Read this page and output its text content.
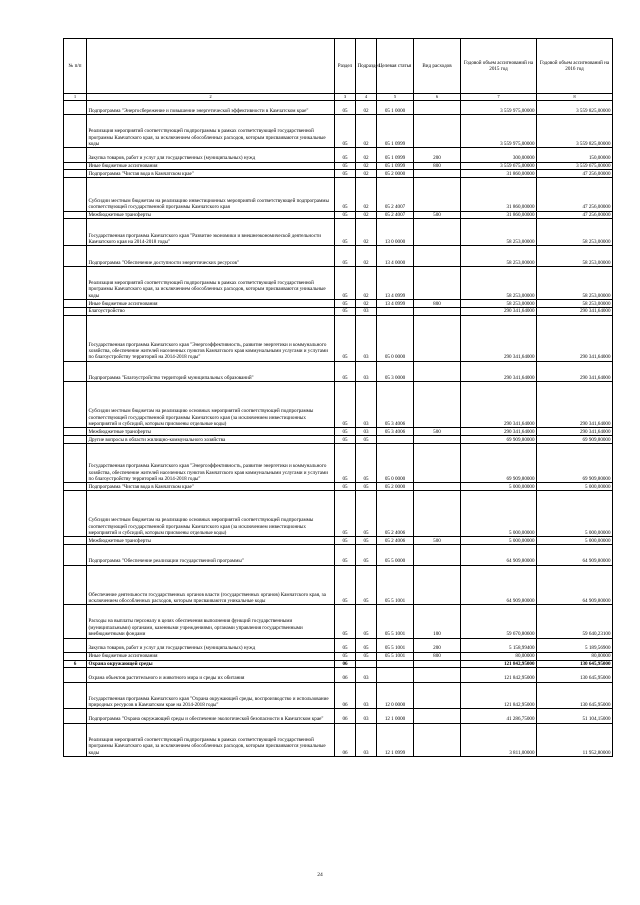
№ п/п		Раздел	Подраздел	Целевая статья	Вид расходов	Годовой объем ассигнований на 2015 год	Годовой объем ассигнований на 2016 год
1	2	3	4	5	6	7	8
	Подпрограмма "Энергосбережение и повышение энергетической эффективности в Камчатском крае"	05	02	05 1 0000		3 559 975,00000	3 559 825,00000
	Реализация мероприятий соответствующей подпрограммы в рамках соответствующей государственной программы Камчатского края, за исключением обособленных расходов, которым присваиваются уникальные коды	05	02	05 1 0999		3 559 975,00000	3 559 825,00000
	Закупка товаров, работ и услуг для государственных (муниципальных) нужд	05	02	05 1 0999	200	300,00000	150,00000
	Иные бюджетные ассигнования	05	02	05 1 0999	800	3 559 675,00000	3 559 675,00000
	Подпрограмма "Чистая вода в Камчатском крае"	05	02	05 2 0000		31 860,00000	47 256,00000
	Субсидии местным бюджетам на реализацию инвестиционных мероприятий соответствующей подпрограммы соответствующей государственной программы Камчатского края	05	02	05 2 4007		31 860,00000	47 256,00000
	Межбюджетные трансферты	05	02	05 2 4007	500	31 860,00000	47 256,00000
	Государственная программа Камчатского края "Развитие экономики и внешнеэкономической деятельности Камчатского края на 2014-2018 годы"	05	02	13 0 0000		58 253,00000	58 253,00000
	Подпрограмма "Обеспечение доступности энергетических ресурсов"	05	02	13 4 0000		58 253,00000	58 253,00000
	Реализация мероприятий соответствующей подпрограммы в рамках соответствующей государственной программы Камчатского края, за исключением обособленных расходов, которым присваиваются уникальные коды	05	02	13 4 0999		58 253,00000	58 253,00000
	Иные бюджетные ассигнования	05	02	13 4 0999	800	58 253,00000	58 253,00000
	Благоустройство	05	03			290 341,64000	290 341,64000
	Государственная программа Камчатского края "Энергоэффективность, развитие энергетики и коммунального хозяйства, обеспечение жителей населенных пунктов Камчатского края коммунальными услугами и услугами по благоустройству территорий на 2014-2018 годы"	05	03	05 0 0000		290 341,64000	290 341,64000
	Подпрограмма "Благоустройство территорий муниципальных образований"	05	03	05 3 0000		290 341,64000	290 341,64000
	Субсидии местным бюджетам на реализацию основных мероприятий соответствующей подпрограммы соответствующей государственной программы Камчатского края (за исключением инвестиционных мероприятий и субсидий, которым присвоены отдельные коды)	05	03	05 3 4006		290 341,64000	290 341,64000
	Межбюджетные трансферты	05	03	05 3 4006	500	290 341,64000	290 341,64000
	Другие вопросы в области жилищно-коммунального хозяйства	05	05			69 909,80000	69 909,80000
	Государственная программа Камчатского края "Энергоэффективность, развитие энергетики и коммунального хозяйства, обеспечение жителей населенных пунктов Камчатского края коммунальными услугами и услугами по благоустройству территорий на 2014-2018 годы"	05	05	05 0 0000		69 909,80000	69 909,80000
	Подпрограмма "Чистая вода в Камчатском крае"	05	05	05 2 0000		5 000,00000	5 000,00000
	Субсидии местным бюджетам на реализацию основных мероприятий соответствующей подпрограммы соответствующей государственной программы Камчатского края (за исключением инвестиционных мероприятий и субсидий, которым присвоены отдельные коды)	05	05	05 2 4006		5 000,00000	5 000,00000
	Межбюджетные трансферты	05	05	05 2 4006	500	5 000,00000	5 000,00000
	Подпрограмма "Обеспечение реализации государственной программы"	05	05	05 5 0000		64 909,80000	64 909,80000
	Обеспечение деятельности государственных органов власти (государственных органов) Камчатского края, за исключением обособленных расходов, которым присваиваются уникальные коды	05	05	05 5 1001		64 909,80000	64 909,80000
	Расходы на выплаты персоналу в целях обеспечения выполнения функций государственными (муниципальными) органами, казенными учреждениями, органами управления государственными внебюджетными фондами	05	05	05 5 1001	100	59 670,80600	59 640,23100
	Закупка товаров, работ и услуг для государственных (муниципальных) нужд	05	05	05 5 1001	200	5 158,99400	5 189,56900
	Иные бюджетные ассигнования	05	05	05 5 1001	800	80,00000	80,00000
6	Охрана окружающей среды	06				121 842,95000	130 645,95000
	Охрана объектов растительного и животного мира и среды их обитания	06	03			121 842,95000	130 645,95000
	Государственная программа Камчатского края "Охрана окружающей среды, воспроизводство и использование природных ресурсов в Камчатском крае на 2014-2018 годы"	06	03	12 0 0000		121 842,95000	130 645,95000
	Подпрограмма "Охрана окружающей среды и обеспечение экологической безопасности в Камчатском крае"	06	03	12 1 0000		41 286,75000	51 104,15000
	Реализация мероприятий соответствующей подпрограммы в рамках соответствующей государственной программы Камчатского края, за исключением обособленных расходов, которым присваиваются уникальные коды	06	03	12 1 0999		3 811,00000	11 952,80000
24
